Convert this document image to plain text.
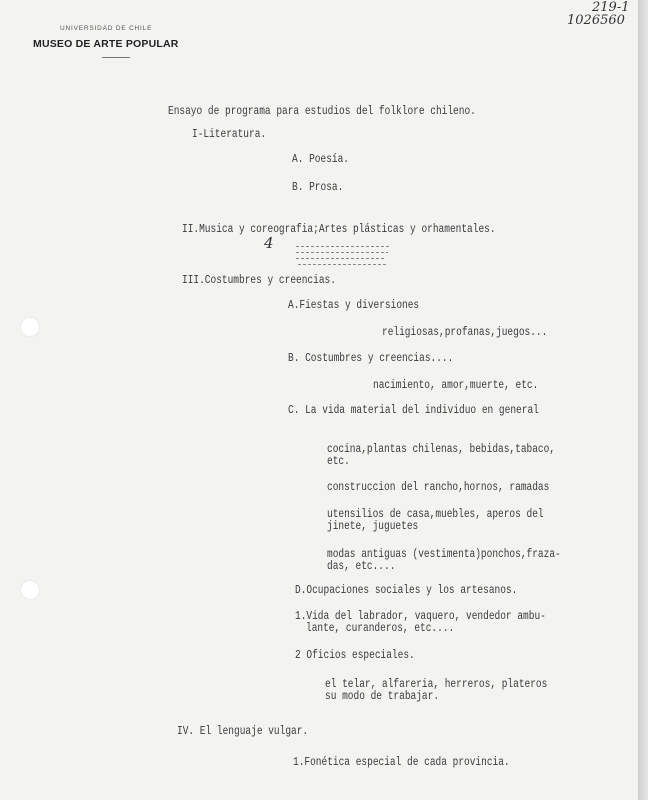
UNIVERSIDAD DE CHILE
MUSEO DE ARTE POPULAR
219-1
1026560
4
Ensayo de programa para estudios del folklore chileno.
I-Literatura.
A. Poesía.
B. Prosa.
II.Musica y coreografia;Artes plásticas y orhamentales.
III.Costumbres y creencias.
A.Fiestas y diversiones
religiosas,profanas,juegos...
B. Costumbres y creencias....
nacimiento, amor,muerte, etc.
C. La vida material del individuo en general
cocina,plantas chilenas, bebidas,tabaco,
etc.
construccion del rancho,hornos, ramadas
utensilios de casa,muebles, aperos del
jinete, juguetes
modas antiguas (vestimenta)ponchos,fraza-
das, etc....
D.Ocupaciones sociales y los artesanos.
1.Vida del labrador, vaquero, vendedor ambu-
lante, curanderos, etc....
2 Oficios especiales.
el telar, alfareria, herreros, plateros
su modo de trabajar.
IV. El lenguaje vulgar.
1.Fonética especial de cada provincia.
